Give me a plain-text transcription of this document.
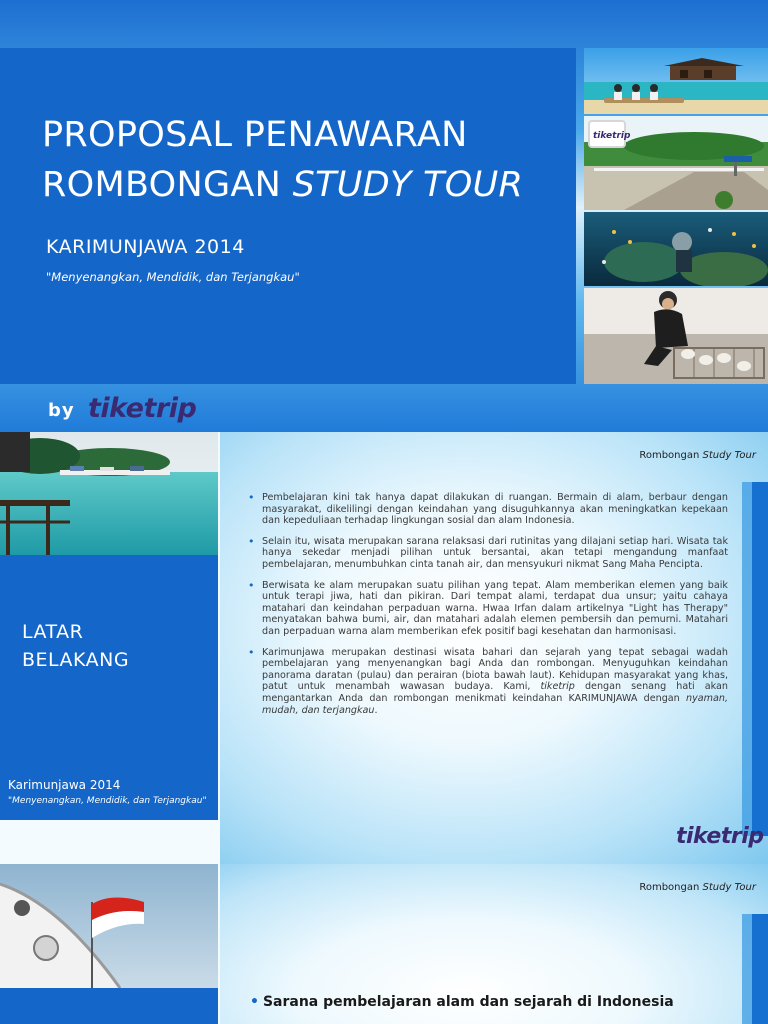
PROPOSAL PENAWARAN
ROMBONGAN STUDY TOUR
KARIMUNJAWA 2014
"Menyenangkan, Mendidik, dan Terjangkau"
tiketrip
by tiketrip
LATAR
BELAKANG
Karimunjawa 2014
"Menyenangkan, Mendidik, dan Terjangkau"
Rombongan Study Tour
• Pembelajaran kini tak hanya dapat dilakukan di ruangan. Bermain di alam, berbaur dengan masyarakat, dikelilingi dengan keindahan yang disuguhkannya akan meningkatkan kepekaan dan kepeduliaan terhadap lingkungan sosial dan alam Indonesia.
• Selain itu, wisata merupakan sarana relaksasi dari rutinitas yang dilajani setiap hari. Wisata tak hanya sekedar menjadi pilihan untuk bersantai, akan tetapi mengandung manfaat pembelajaran, menumbuhkan cinta tanah air, dan mensyukuri nikmat Sang Maha Pencipta.
• Berwisata ke alam merupakan suatu pilihan yang tepat. Alam memberikan elemen yang baik untuk terapi jiwa, hati dan pikiran. Dari tempat alami, terdapat dua unsur; yaitu cahaya matahari dan keindahan perpaduan warna. Hwaa Irfan dalam artikelnya "Light has Therapy" menyatakan bahwa bumi, air, dan matahari adalah elemen pembersih dan pemurni. Matahari dan perpaduan warna alam memberikan efek positif bagi kesehatan dan harmonisasi.
• Karimunjawa merupakan destinasi wisata bahari dan sejarah yang tepat sebagai wadah pembelajaran yang menyenangkan bagi Anda dan rombongan. Menyuguhkan keindahan panorama daratan (pulau) dan perairan (biota bawah laut). Kehidupan masyarakat yang khas, patut untuk menambah wawasan budaya. Kami, tiketrip dengan senang hati akan mengantarkan Anda dan rombongan menikmati keindahan KARIMUNJAWA dengan nyaman, mudah, dan terjangkau.
tiketrip
Rombongan Study Tour
• Sarana pembelajaran alam dan sejarah di Indonesia
